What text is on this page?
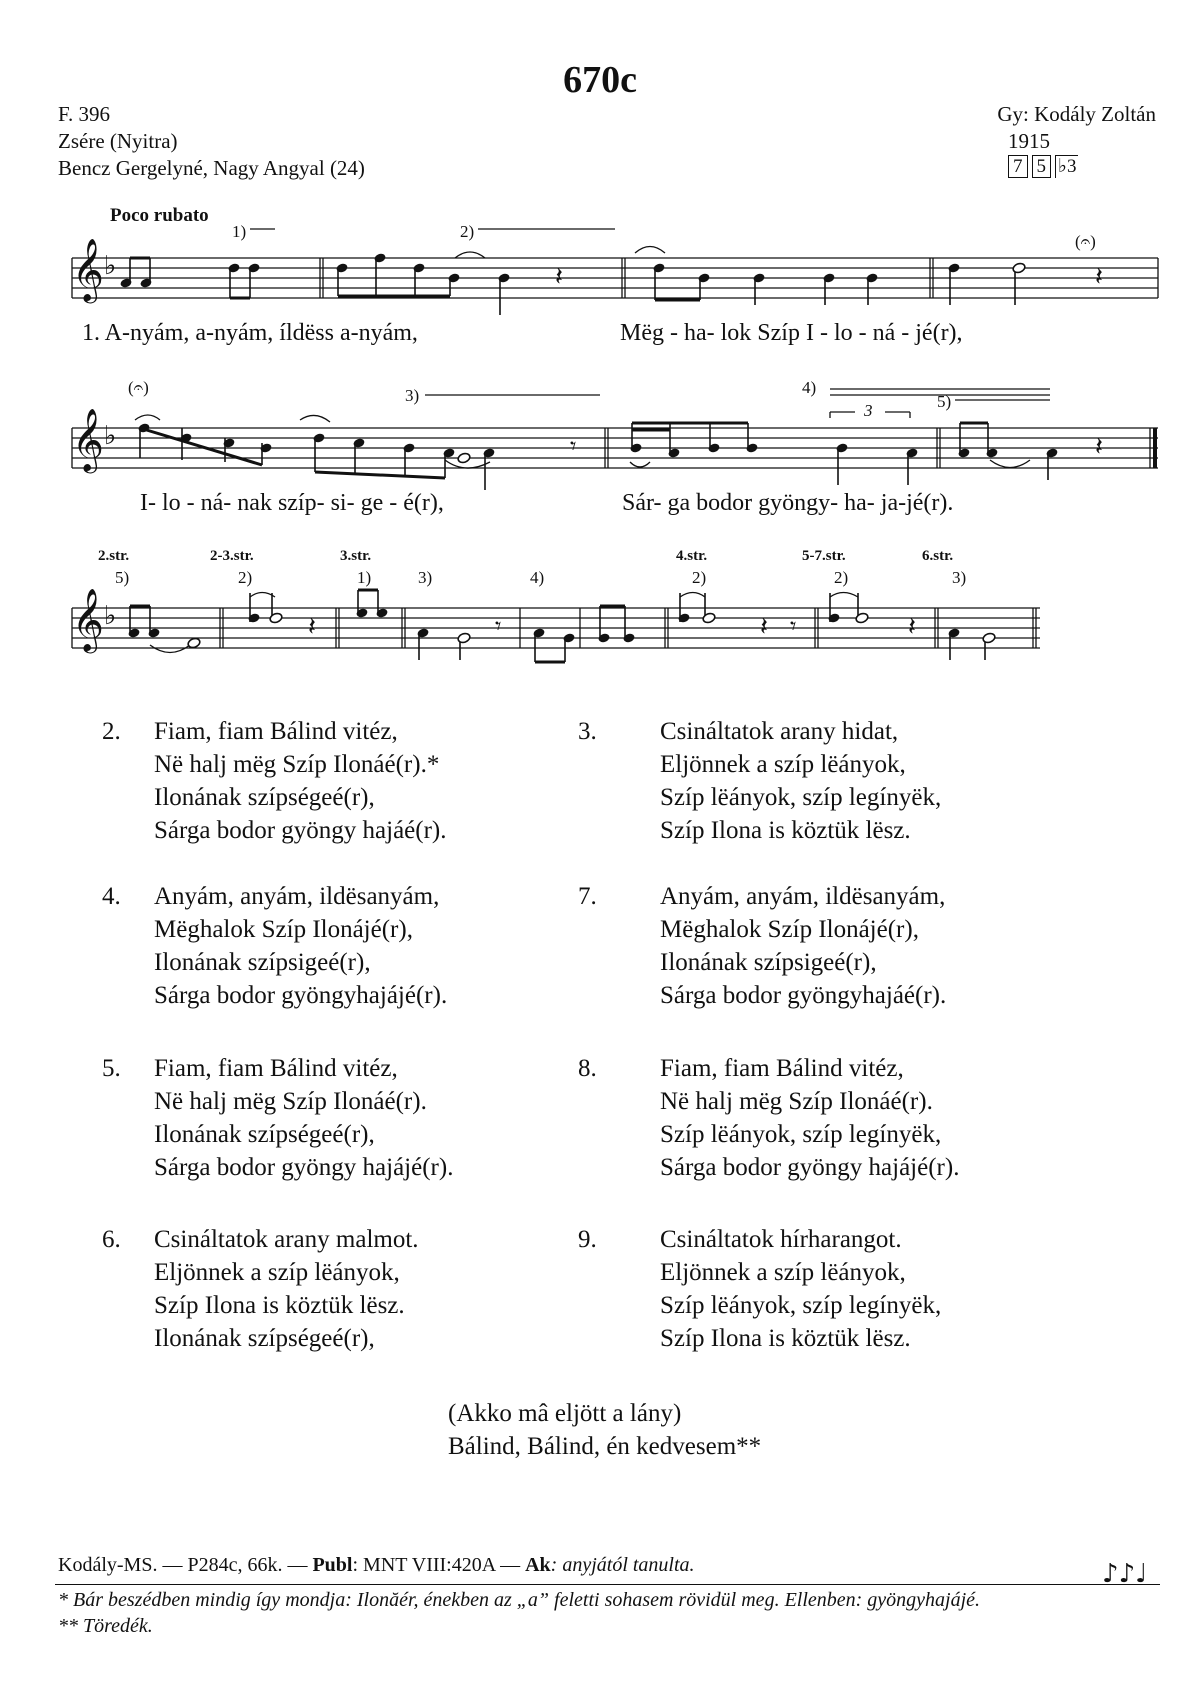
670c
F. 396
Zsére (Nyitra)
Bencz Gergelyné, Nagy Angyal (24)
Gy: Kodály Zoltán
1915
7 5 ♭3
Poco rubato
𝄞 ♭
𝄞 ♭
𝄞 ♭
𝄽	𝄽
𝄾	𝄽
𝄽	𝄾	𝄽 𝄾	𝄽
1)	2)
(𝄐)
1. A-nyám, a-nyám, íldëss a-nyám,	Mëg - ha- lok Szíp I - lo - ná - jé(r),
(𝄐)	3)	4)
3	5)
I- lo - ná- nak szíp- si- ge - é(r),	Sár- ga bodor gyöngy- ha- ja-jé(r).
2.str.	2-3.str.	3.str.	4.str.	5-7.str.	6.str.
5)	2)	1)	3)	4)	2)	2)	3)
2. Fiam, fiam Bálind vitéz,
Në halj mëg Szíp Ilonáé(r).*
Ilonának szípségeé(r),
Sárga bodor gyöngy hajáé(r).
3.	Csináltatok arany hidat,
Eljönnek a szíp lëányok,
Szíp lëányok, szíp legínyëk,
Szíp Ilona is köztük lësz.
4. Anyám, anyám, ildësanyám,
Mëghalok Szíp Ilonájé(r),
Ilonának szípsigeé(r),
Sárga bodor gyöngyhajájé(r).
7.	Anyám, anyám, ildësanyám,
Mëghalok Szíp Ilonájé(r),
Ilonának szípsigeé(r),
Sárga bodor gyöngyhajáé(r).
5. Fiam, fiam Bálind vitéz,
Në halj mëg Szíp Ilonáé(r).
Ilonának szípségeé(r),
Sárga bodor gyöngy hajájé(r).
8.	Fiam, fiam Bálind vitéz,
Në halj mëg Szíp Ilonáé(r).
Szíp lëányok, szíp legínyëk,
Sárga bodor gyöngy hajájé(r).
6. Csináltatok arany malmot.
Eljönnek a szíp lëányok,
Szíp Ilona is köztük lësz.
Ilonának szípségeé(r),
9.	Csináltatok hírharangot.
Eljönnek a szíp lëányok,
Szíp lëányok, szíp legínyëk,
Szíp Ilona is köztük lësz.
(Akko mâ eljött a lány)
Bálind, Bálind, én kedvesem**
Kodály-MS. — P284c, 66k. — Publ: MNT VIII:420A — Ak: anyjától tanulta.	♪♪♩
* Bár beszédben mindig így mondja: Ilonăér, énekben az „a” feletti sohasem rövidül meg. Ellenben: gyöngyhajájé.
** Töredék.
